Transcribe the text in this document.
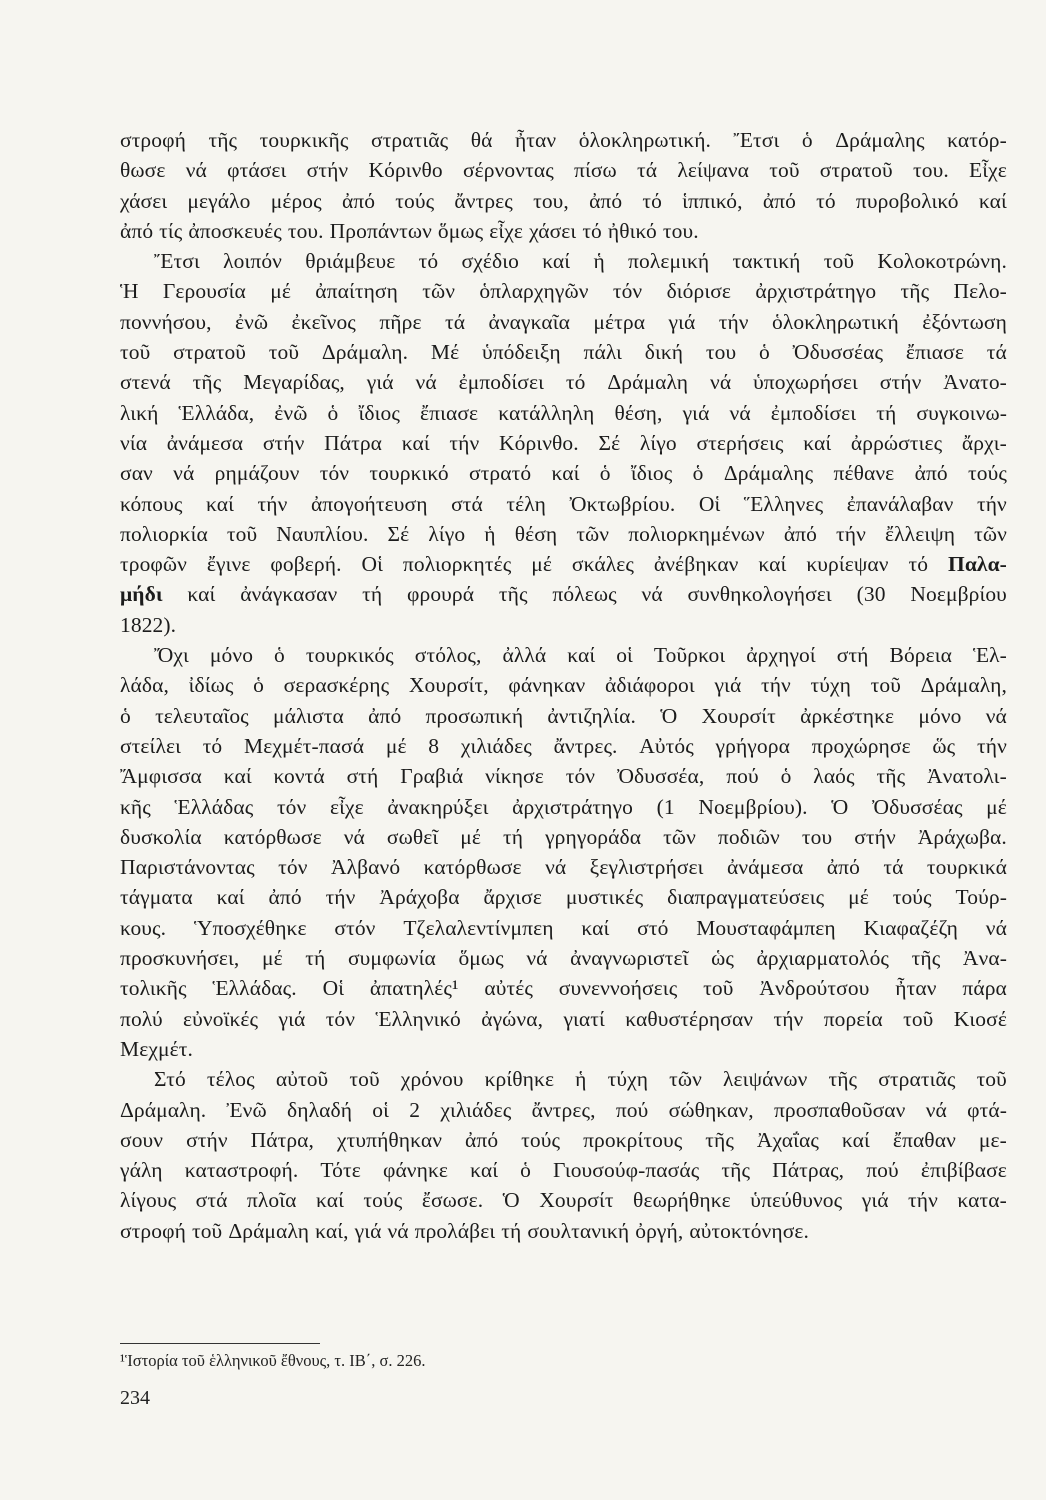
στροφή τῆς τουρκικῆς στρατιᾶς θά ἦταν ὁλοκληρωτική. Ἔτσι ὁ Δράμαλης κατόρ-
θωσε νά φτάσει στήν Κόρινθο σέρνοντας πίσω τά λείψανα τοῦ στρατοῦ του. Εἶχε
χάσει μεγάλο μέρος ἀπό τούς ἄντρες του, ἀπό τό ἱππικό, ἀπό τό πυροβολικό καί
ἀπό τίς ἀποσκευές του. Προπάντων ὅμως εἶχε χάσει τό ἠθικό του.
Ἔτσι λοιπόν θριάμβευε τό σχέδιο καί ἡ πολεμική τακτική τοῦ Κολοκοτρώνη.
Ἡ Γερουσία μέ ἀπαίτηση τῶν ὁπλαρχηγῶν τόν διόρισε ἀρχιστράτηγο τῆς Πελο-
ποννήσου, ἐνῶ ἐκεῖνος πῆρε τά ἀναγκαῖα μέτρα γιά τήν ὁλοκληρωτική ἐξόντωση
τοῦ στρατοῦ τοῦ Δράμαλη. Μέ ὑπόδειξη πάλι δική του ὁ Ὀδυσσέας ἔπιασε τά
στενά τῆς Μεγαρίδας, γιά νά ἐμποδίσει τό Δράμαλη νά ὑποχωρήσει στήν Ἀνατο-
λική Ἑλλάδα, ἐνῶ ὁ ἴδιος ἔπιασε κατάλληλη θέση, γιά νά ἐμποδίσει τή συγκοινω-
νία ἀνάμεσα στήν Πάτρα καί τήν Κόρινθο. Σέ λίγο στερήσεις καί ἀρρώστιες ἄρχι-
σαν νά ρημάζουν τόν τουρκικό στρατό καί ὁ ἴδιος ὁ Δράμαλης πέθανε ἀπό τούς
κόπους καί τήν ἀπογοήτευση στά τέλη Ὀκτωβρίου. Οἱ Ἕλληνες ἐπανάλαβαν τήν
πολιορκία τοῦ Ναυπλίου. Σέ λίγο ἡ θέση τῶν πολιορκημένων ἀπό τήν ἔλλειψη τῶν
τροφῶν ἔγινε φοβερή. Οἱ πολιορκητές μέ σκάλες ἀνέβηκαν καί κυρίεψαν τό Παλα-
μήδι καί ἀνάγκασαν τή φρουρά τῆς πόλεως νά συνθηκολογήσει (30 Νοεμβρίου
1822).
Ὄχι μόνο ὁ τουρκικός στόλος, ἀλλά καί οἱ Τοῦρκοι ἀρχηγοί στή Βόρεια Ἑλ-
λάδα, ἰδίως ὁ σερασκέρης Χουρσίτ, φάνηκαν ἀδιάφοροι γιά τήν τύχη τοῦ Δράμαλη,
ὁ τελευταῖος μάλιστα ἀπό προσωπική ἀντιζηλία. Ὁ Χουρσίτ ἀρκέστηκε μόνο νά
στείλει τό Μεχμέτ-πασά μέ 8 χιλιάδες ἄντρες. Αὐτός γρήγορα προχώρησε ὥς τήν
Ἄμφισσα καί κοντά στή Γραβιά νίκησε τόν Ὀδυσσέα, πού ὁ λαός τῆς Ἀνατολι-
κῆς Ἑλλάδας τόν εἶχε ἀνακηρύξει ἀρχιστράτηγο (1 Νοεμβρίου). Ὁ Ὀδυσσέας μέ
δυσκολία κατόρθωσε νά σωθεῖ μέ τή γρηγοράδα τῶν ποδιῶν του στήν Ἀράχωβα.
Παριστάνοντας τόν Ἀλβανό κατόρθωσε νά ξεγλιστρήσει ἀνάμεσα ἀπό τά τουρκικά
τάγματα καί ἀπό τήν Ἀράχοβα ἄρχισε μυστικές διαπραγματεύσεις μέ τούς Τούρ-
κους. Ὑποσχέθηκε στόν Τζελαλεντίνμπεη καί στό Μουσταφάμπεη Κιαφαζέζη νά
προσκυνήσει, μέ τή συμφωνία ὅμως νά ἀναγνωριστεῖ ὡς ἀρχιαρματολός τῆς Ἀνα-
τολικῆς Ἑλλάδας. Οἱ ἀπατηλές¹ αὐτές συνεννοήσεις τοῦ Ἀνδρούτσου ἦταν πάρα
πολύ εὐνοϊκές γιά τόν Ἑλληνικό ἀγώνα, γιατί καθυστέρησαν τήν πορεία τοῦ Κιοσέ
Μεχμέτ.
Στό τέλος αὐτοῦ τοῦ χρόνου κρίθηκε ἡ τύχη τῶν λειψάνων τῆς στρατιᾶς τοῦ
Δράμαλη. Ἐνῶ δηλαδή οἱ 2 χιλιάδες ἄντρες, πού σώθηκαν, προσπαθοῦσαν νά φτά-
σουν στήν Πάτρα, χτυπήθηκαν ἀπό τούς προκρίτους τῆς Ἀχαΐας καί ἔπαθαν με-
γάλη καταστροφή. Τότε φάνηκε καί ὁ Γιουσούφ-πασάς τῆς Πάτρας, πού ἐπιβίβασε
λίγους στά πλοῖα καί τούς ἔσωσε. Ὁ Χουρσίτ θεωρήθηκε ὑπεύθυνος γιά τήν κατα-
στροφή τοῦ Δράμαλη καί, γιά νά προλάβει τή σουλτανική ὀργή, αὐτοκτόνησε.
¹Ἱστορία τοῦ ἑλληνικοῦ ἔθνους, τ. ΙΒ΄, σ. 226.
234
